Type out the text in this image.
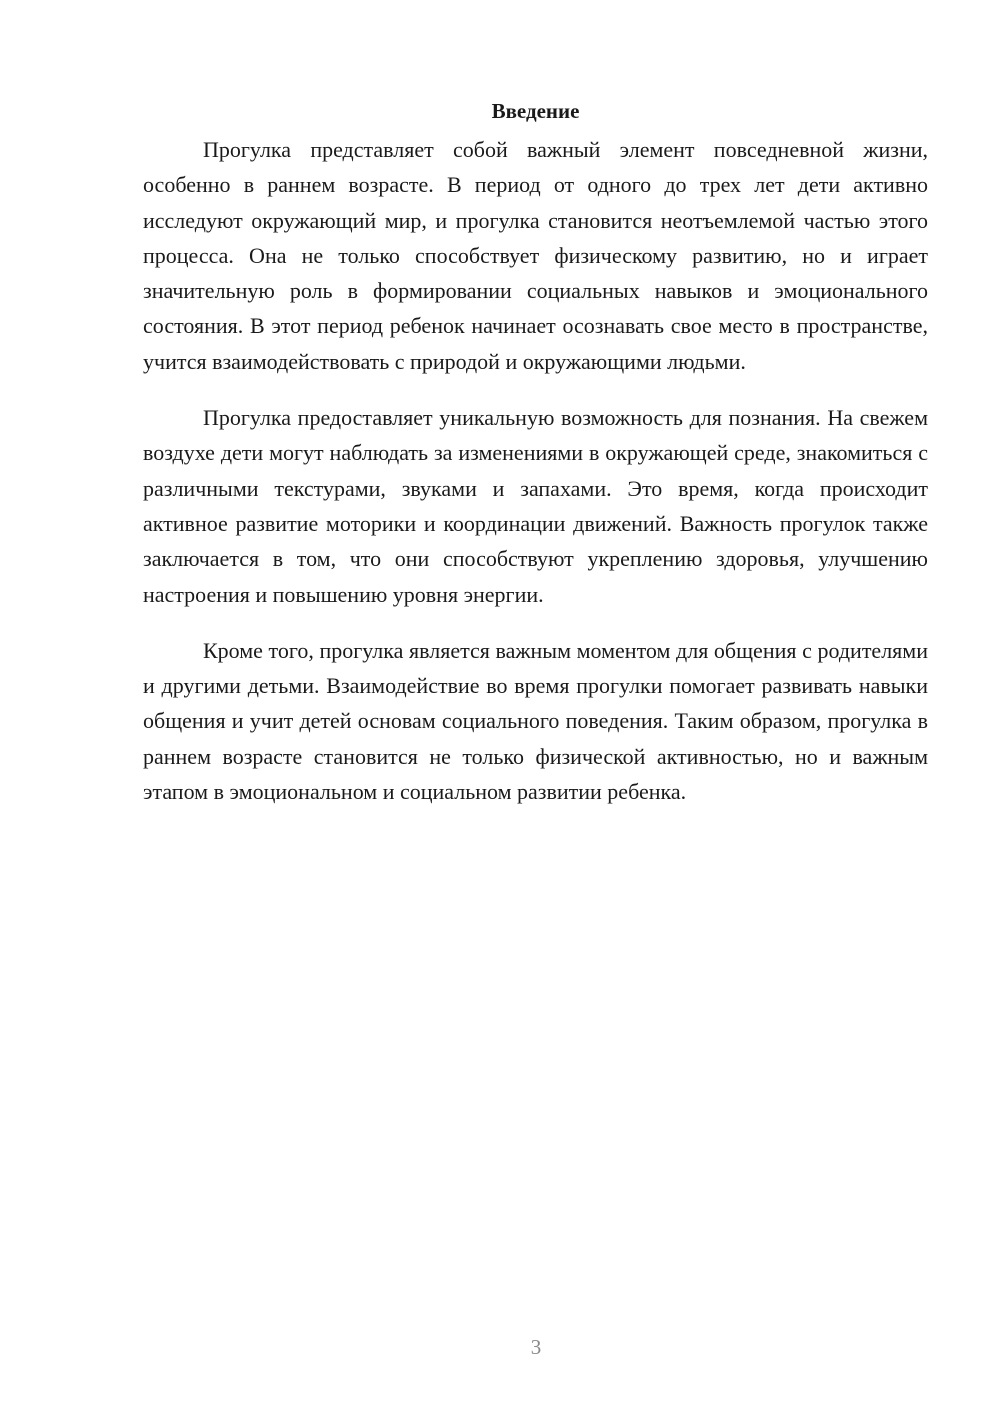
Введение

Прогулка представляет собой важный элемент повседневной жизни, особенно в раннем возрасте. В период от одного до трех лет дети активно исследуют окружающий мир, и прогулка становится неотъемлемой частью этого процесса. Она не только способствует физическому развитию, но и играет значительную роль в формировании социальных навыков и эмоционального состояния. В этот период ребенок начинает осознавать свое место в пространстве, учится взаимодействовать с природой и окружающими людьми.

Прогулка предоставляет уникальную возможность для познания. На свежем воздухе дети могут наблюдать за изменениями в окружающей среде, знакомиться с различными текстурами, звуками и запахами. Это время, когда происходит активное развитие моторики и координации движений. Важность прогулок также заключается в том, что они способствуют укреплению здоровья, улучшению настроения и повышению уровня энергии.

Кроме того, прогулка является важным моментом для общения с родителями и другими детьми. Взаимодействие во время прогулки помогает развивать навыки общения и учит детей основам социального поведения. Таким образом, прогулка в раннем возрасте становится не только физической активностью, но и важным этапом в эмоциональном и социальном развитии ребенка.

3
